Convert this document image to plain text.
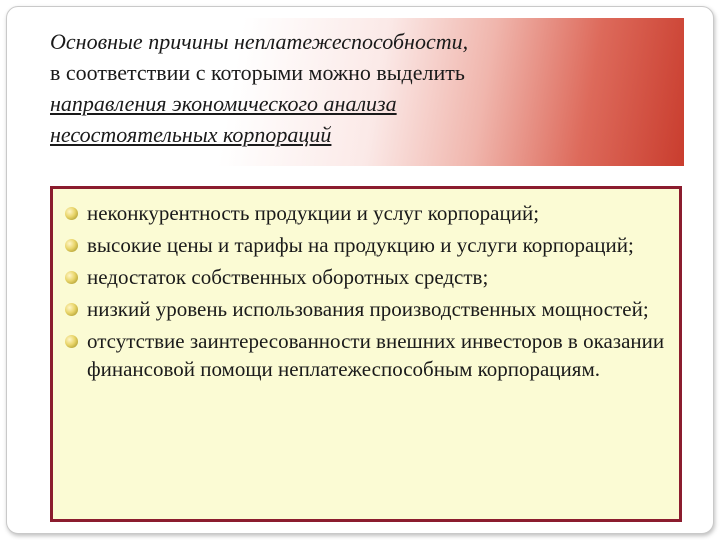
Основные причины неплатежеспособности,
в соответствии с которыми можно выделить
направления экономического анализа
несостоятельных корпораций
неконкурентность продукции и услуг корпораций;
высокие цены и тарифы на продукцию и услуги корпораций;
недостаток собственных оборотных средств;
низкий уровень использования производственных мощностей;
отсутствие заинтересованности внешних инвесторов в оказании финансовой помощи неплатежеспособным корпорациям.
